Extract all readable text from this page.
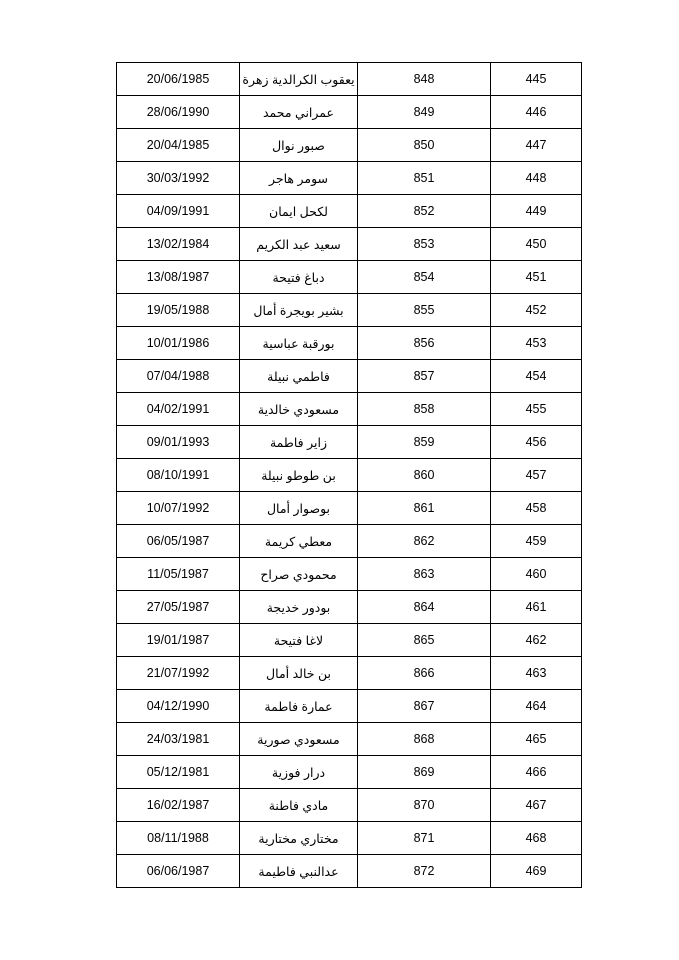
20/06/1985	يعقوب الكرالدية زهرة	848	445
28/06/1990	عمراني محمد	849	446
20/04/1985	صبور نوال	850	447
30/03/1992	سومر هاجر	851	448
04/09/1991	لكحل ايمان	852	449
13/02/1984	سعيد عبد الكريم	853	450
13/08/1987	دباغ فتيحة	854	451
19/05/1988	بشير بويجرة أمال	855	452
10/01/1986	بورقبة عباسية	856	453
07/04/1988	فاطمي نبيلة	857	454
04/02/1991	مسعودي خالدية	858	455
09/01/1993	زاير فاطمة	859	456
08/10/1991	بن طوطو نبيلة	860	457
10/07/1992	بوصوار أمال	861	458
06/05/1987	معطي كريمة	862	459
11/05/1987	محمودي صراح	863	460
27/05/1987	بودور خديجة	864	461
19/01/1987	لاغا فتيحة	865	462
21/07/1992	بن خالد أمال	866	463
04/12/1990	عمارة فاطمة	867	464
24/03/1981	مسعودي صورية	868	465
05/12/1981	درار فوزية	869	466
16/02/1987	مادي فاطنة	870	467
08/11/1988	مختاري مختارية	871	468
06/06/1987	عدالنبي فاطيمة	872	469
